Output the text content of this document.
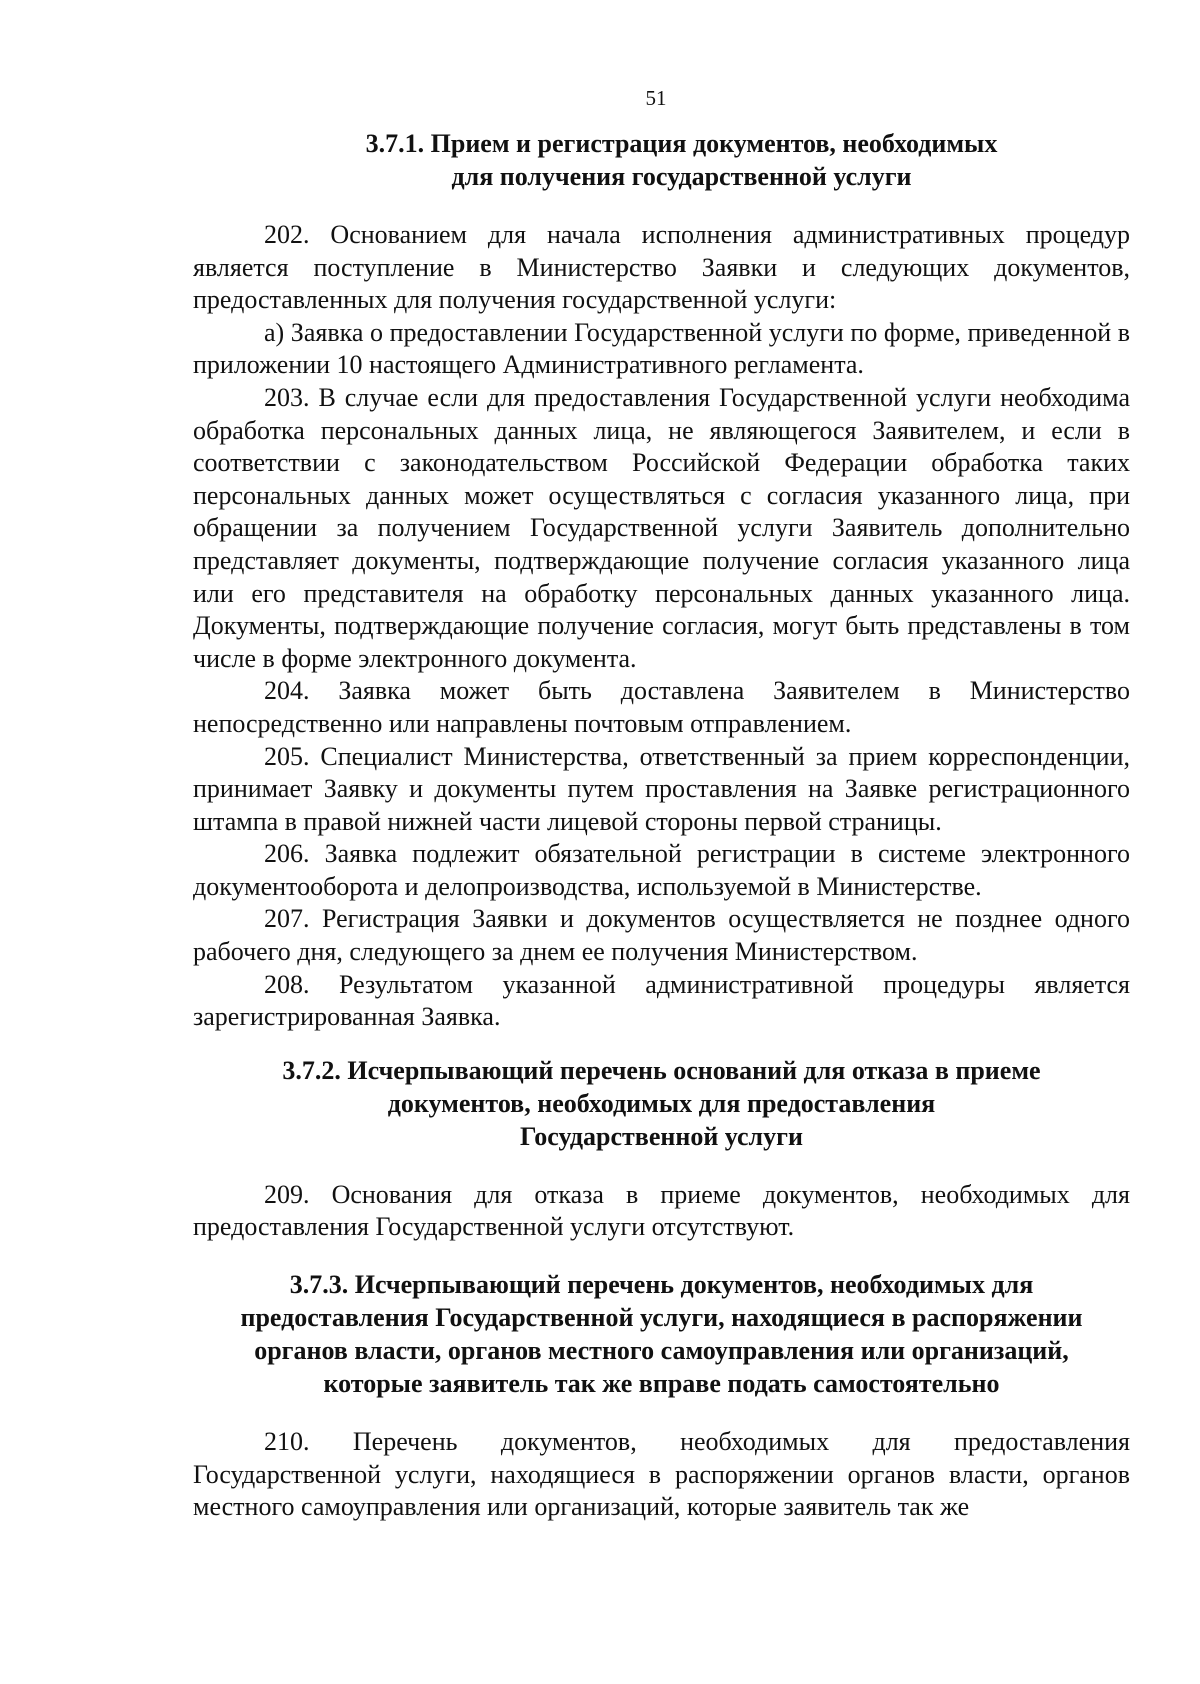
51
3.7.1. Прием и регистрация документов, необходимых
для получения государственной услуги

202. Основанием для начала исполнения административных процедур является поступление в Министерство Заявки и следующих документов, предоставленных для получения государственной услуги:

а) Заявка о предоставлении Государственной услуги по форме, приведенной в приложении 10 настоящего Административного регламента.

203. В случае если для предоставления Государственной услуги необходима обработка персональных данных лица, не являющегося Заявителем, и если в соответствии с законодательством Российской Федерации обработка таких персональных данных может осуществляться с согласия указанного лица, при обращении за получением Государственной услуги Заявитель дополнительно представляет документы, подтверждающие получение согласия указанного лица или его представителя на обработку персональных данных указанного лица. Документы, подтверждающие получение согласия, могут быть представлены в том числе в форме электронного документа.

204. Заявка может быть доставлена Заявителем в Министерство непосредственно или направлены почтовым отправлением.

205. Специалист Министерства, ответственный за прием корреспонденции, принимает Заявку и документы путем проставления на Заявке регистрационного штампа в правой нижней части лицевой стороны первой страницы.

206. Заявка подлежит обязательной регистрации в системе электронного документооборота и делопроизводства, используемой в Министерстве.

207. Регистрация Заявки и документов осуществляется не позднее одного рабочего дня, следующего за днем ее получения Министерством.

208. Результатом указанной административной процедуры является зарегистрированная Заявка.

3.7.2. Исчерпывающий перечень оснований для отказа в приеме
документов, необходимых для предоставления
Государственной услуги

209. Основания для отказа в приеме документов, необходимых для предоставления Государственной услуги отсутствуют.

3.7.3. Исчерпывающий перечень документов, необходимых для
предоставления Государственной услуги, находящиеся в распоряжении
органов власти, органов местного самоуправления или организаций,
которые заявитель так же вправе подать самостоятельно

210. Перечень документов, необходимых для предоставления Государственной услуги, находящиеся в распоряжении органов власти, органов местного самоуправления или организаций, которые заявитель так же
